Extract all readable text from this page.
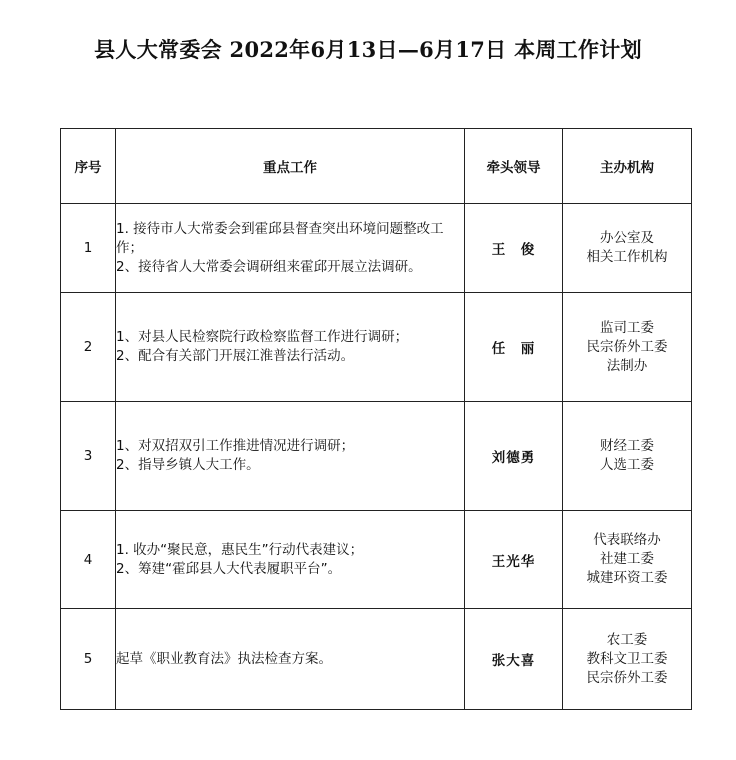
县人大常委会 2022年6月13日—6月17日 本周工作计划
序号	重点工作	牵头领导	主办机构
1	1. 接待市人大常委会到霍邱县督查突出环境问题整改工作；
2、接待省人大常委会调研组来霍邱开展立法调研。	王　俊	办公室及
相关工作机构

2	1、对县人民检察院行政检察监督工作进行调研；
2、配合有关部门开展江淮普法行活动。	任　丽	监司工委
民宗侨外工委
法制办

3	1、对双招双引工作推进情况进行调研；
2、指导乡镇人大工作。	刘德勇	财经工委
人选工委

4	1. 收办“聚民意，惠民生”行动代表建议；
2、筹建“霍邱县人大代表履职平台”。	王光华	代表联络办
社建工委
城建环资工委

5	起草《职业教育法》执法检查方案。	张大喜	农工委
教科文卫工委
民宗侨外工委
